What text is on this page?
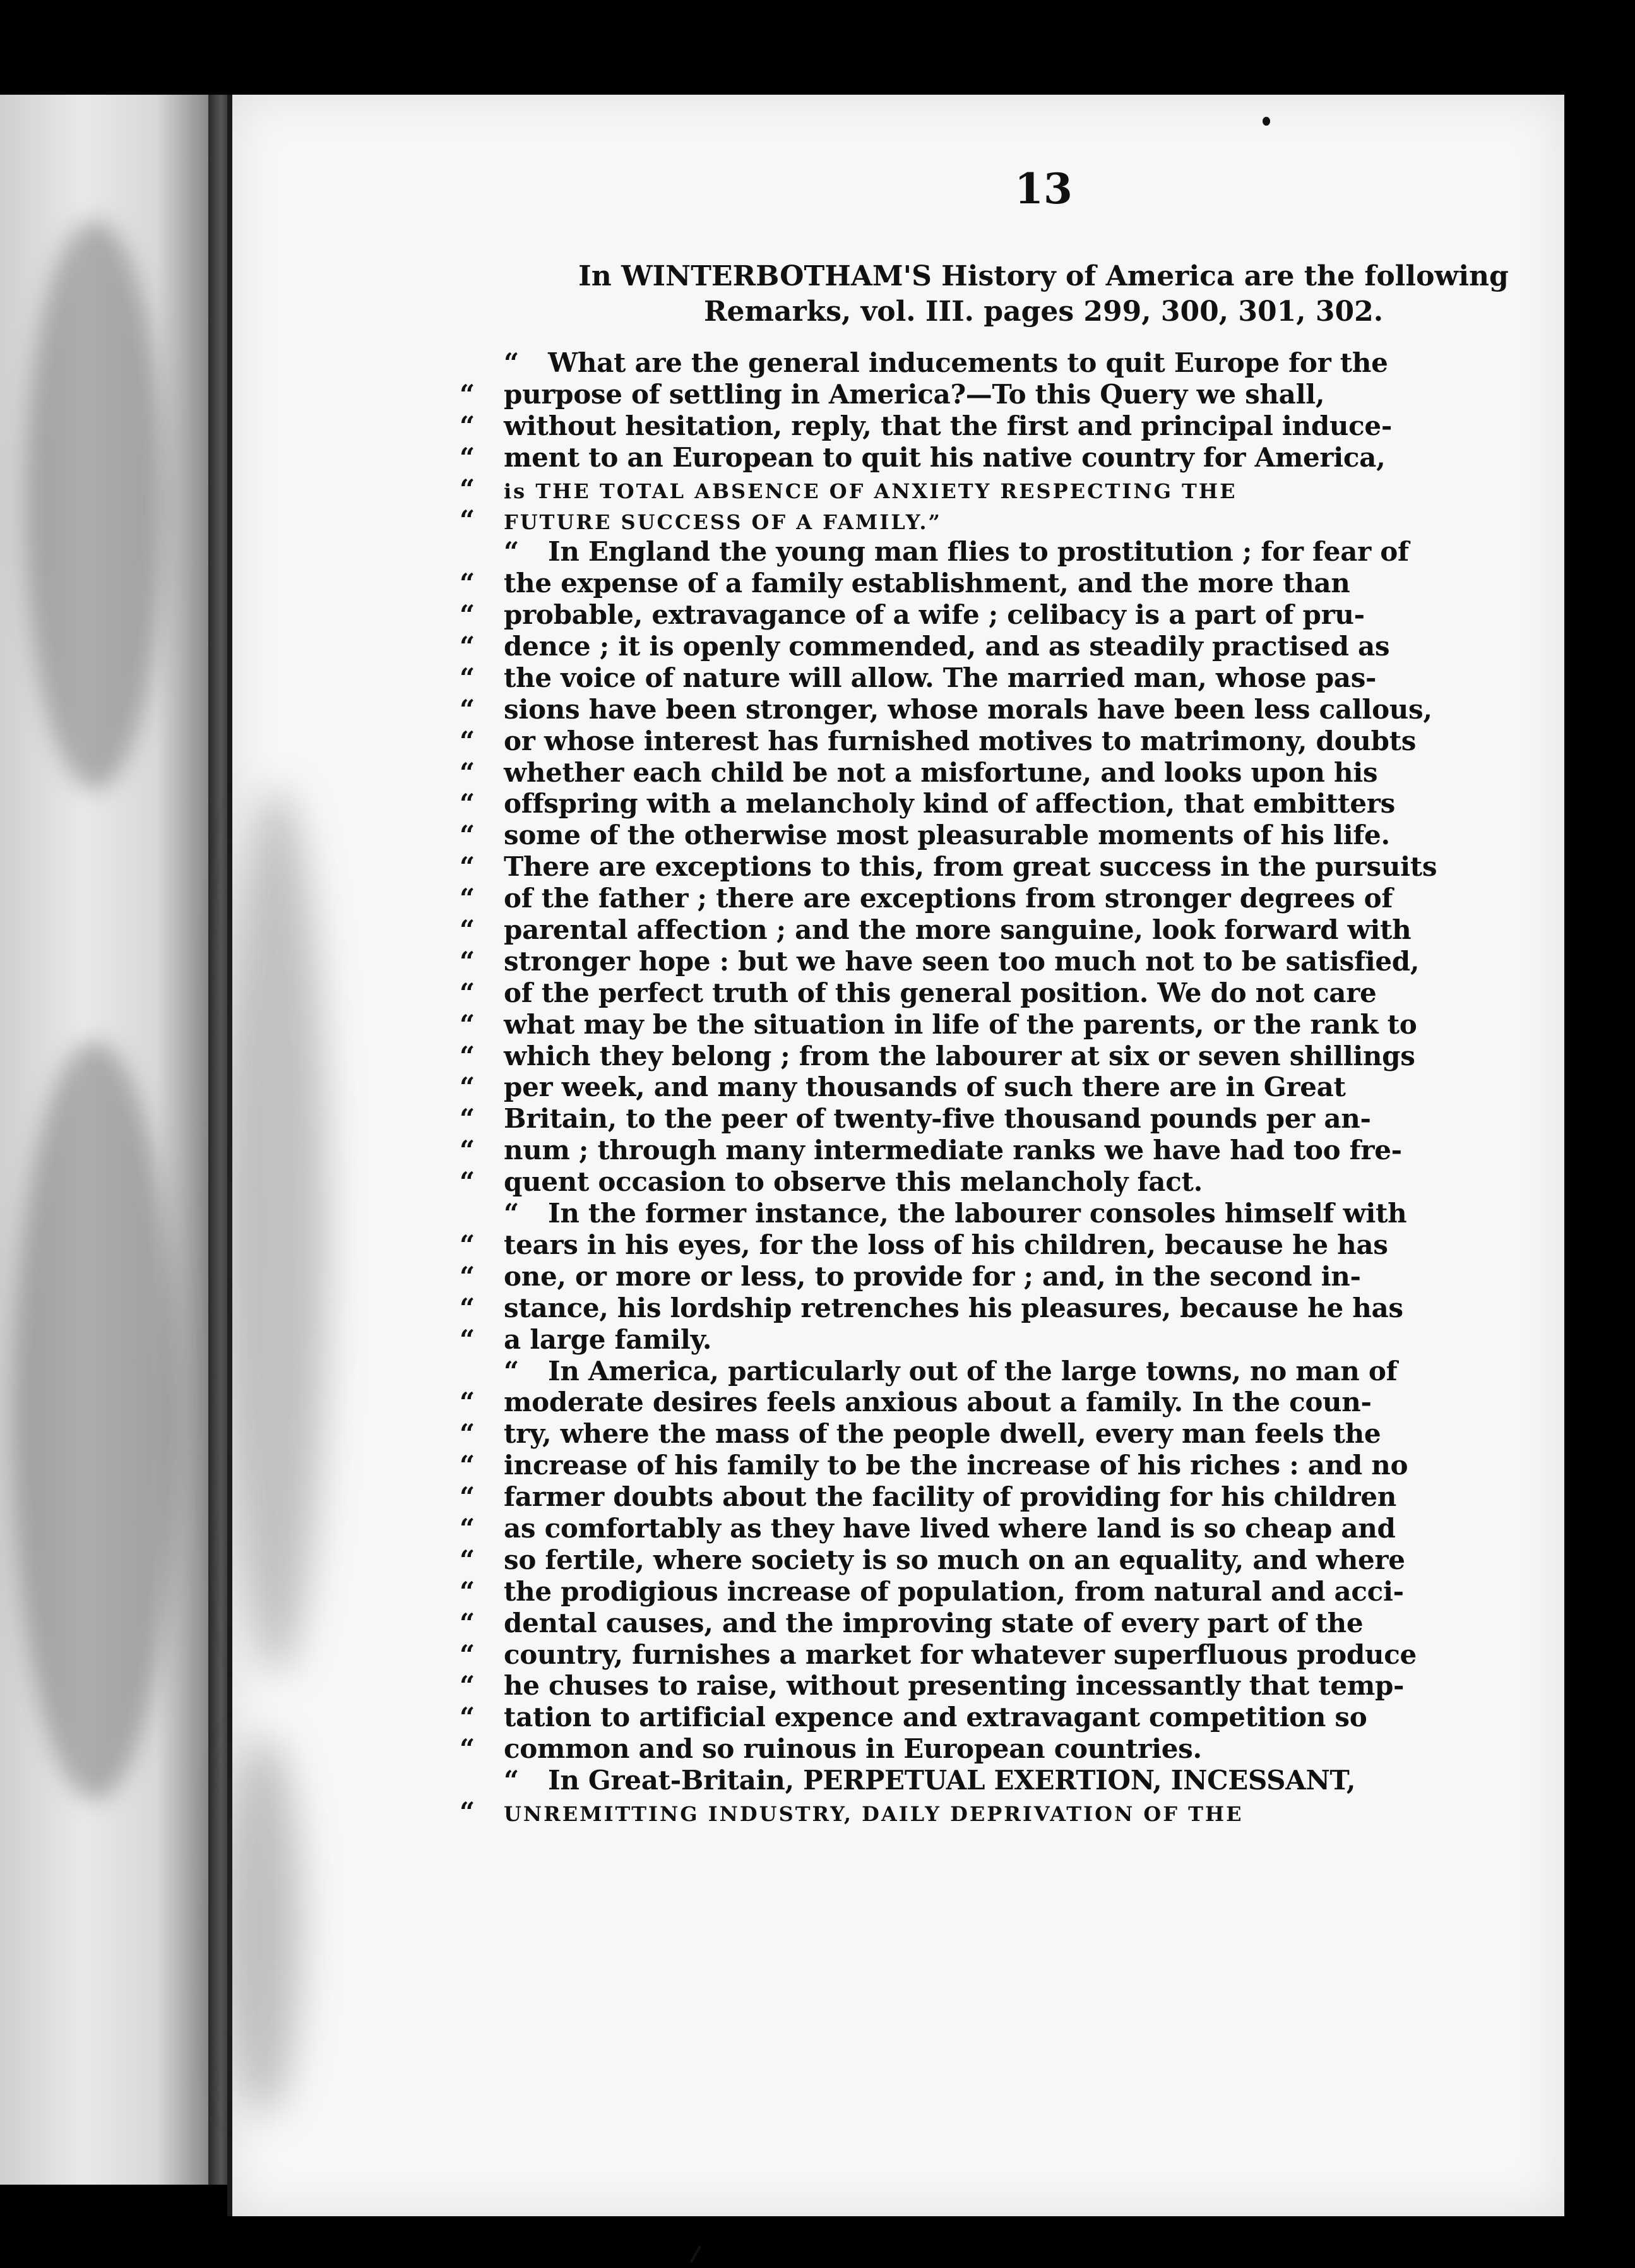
13
In WINTERBOTHAM'S History of America are the following
Remarks, vol. III. pages 299, 300, 301, 302.
“ What are the general inducements to quit Europe for the
“ purpose of settling in America?—To this Query we shall,
“ without hesitation, reply, that the first and principal induce-
“ ment to an European to quit his native country for America,
“ is THE TOTAL ABSENCE OF ANXIETY RESPECTING THE
“ FUTURE SUCCESS OF A FAMILY.”
“ In England the young man flies to prostitution ; for fear of
“ the expense of a family establishment, and the more than
“ probable, extravagance of a wife ; celibacy is a part of pru-
“ dence ; it is openly commended, and as steadily practised as
“ the voice of nature will allow. The married man, whose pas-
“ sions have been stronger, whose morals have been less callous,
“ or whose interest has furnished motives to matrimony, doubts
“ whether each child be not a misfortune, and looks upon his
“ offspring with a melancholy kind of affection, that embitters
“ some of the otherwise most pleasurable moments of his life.
“ There are exceptions to this, from great success in the pursuits
“ of the father ; there are exceptions from stronger degrees of
“ parental affection ; and the more sanguine, look forward with
“ stronger hope : but we have seen too much not to be satisfied,
“ of the perfect truth of this general position. We do not care
“ what may be the situation in life of the parents, or the rank to
“ which they belong ; from the labourer at six or seven shillings
“ per week, and many thousands of such there are in Great
“ Britain, to the peer of twenty-five thousand pounds per an-
“ num ; through many intermediate ranks we have had too fre-
“ quent occasion to observe this melancholy fact.
“ In the former instance, the labourer consoles himself with
“ tears in his eyes, for the loss of his children, because he has
“ one, or more or less, to provide for ; and, in the second in-
“ stance, his lordship retrenches his pleasures, because he has
“ a large family.
“ In America, particularly out of the large towns, no man of
“ moderate desires feels anxious about a family. In the coun-
“ try, where the mass of the people dwell, every man feels the
“ increase of his family to be the increase of his riches : and no
“ farmer doubts about the facility of providing for his children
“ as comfortably as they have lived where land is so cheap and
“ so fertile, where society is so much on an equality, and where
“ the prodigious increase of population, from natural and acci-
“ dental causes, and the improving state of every part of the
“ country, furnishes a market for whatever superfluous produce
“ he chuses to raise, without presenting incessantly that temp-
“ tation to artificial expence and extravagant competition so
“ common and so ruinous in European countries.
“ In Great-Britain, PERPETUAL EXERTION, INCESSANT,
“ UNREMITTING INDUSTRY, DAILY DEPRIVATION OF THE
